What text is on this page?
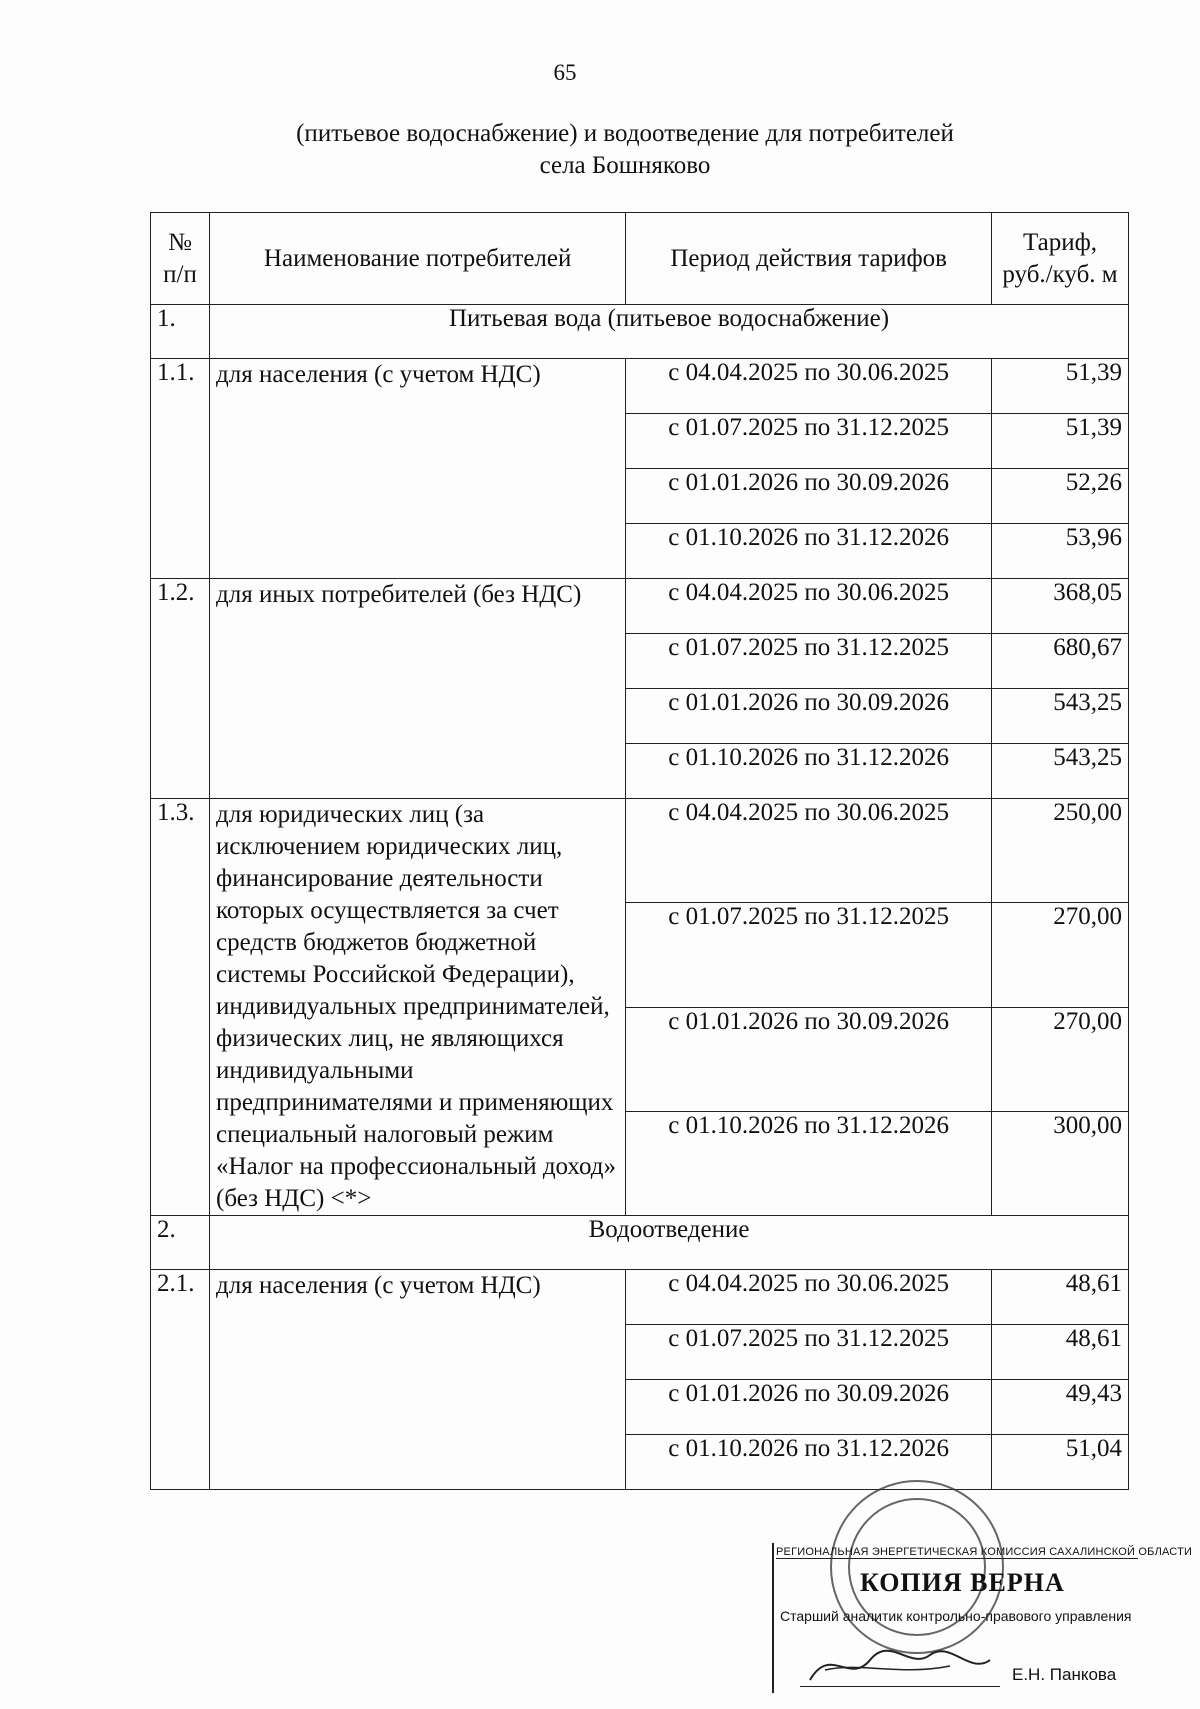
65
(питьевое водоснабжение) и водоотведение для потребителей
села Бошняково
№ п/п	Наименование потребителей	Период действия тарифов	Тариф, руб./куб. м
1.	Питьевая вода (питьевое водоснабжение)		
1.1.	для населения (с учетом НДС)	с 04.04.2025 по 30.06.2025	51,39
		с 01.07.2025 по 31.12.2025	51,39
		с 01.01.2026 по 30.09.2026	52,26
		с 01.10.2026 по 31.12.2026	53,96
1.2.	для иных потребителей (без НДС)	с 04.04.2025 по 30.06.2025	368,05
		с 01.07.2025 по 31.12.2025	680,67
		с 01.01.2026 по 30.09.2026	543,25
		с 01.10.2026 по 31.12.2026	543,25
1.3.	для юридических лиц (за исключением юридических лиц, финансирование деятельности которых осуществляется за счет средств бюджетов бюджетной системы Российской Федерации), индивидуальных предпринимателей, физических лиц, не являющихся индивидуальными предпринимателями и применяющих специальный налоговый режим «Налог на профессиональный доход» (без НДС) <*>	с 04.04.2025 по 30.06.2025	250,00
		с 01.07.2025 по 31.12.2025	270,00
		с 01.01.2026 по 30.09.2026	270,00
		с 01.10.2026 по 31.12.2026	300,00
2.	Водоотведение		
2.1.	для населения (с учетом НДС)	с 04.04.2025 по 30.06.2025	48,61
		с 01.07.2025 по 31.12.2025	48,61
		с 01.01.2026 по 30.09.2026	49,43
		с 01.10.2026 по 31.12.2026	51,04
РЕГИОНАЛЬНАЯ ЭНЕРГЕТИЧЕСКАЯ КОМИССИЯ САХАЛИНСКОЙ ОБЛАСТИ
КОПИЯ ВЕРНА
Старший аналитик контрольно-правового управления
Е.Н. Панкова
